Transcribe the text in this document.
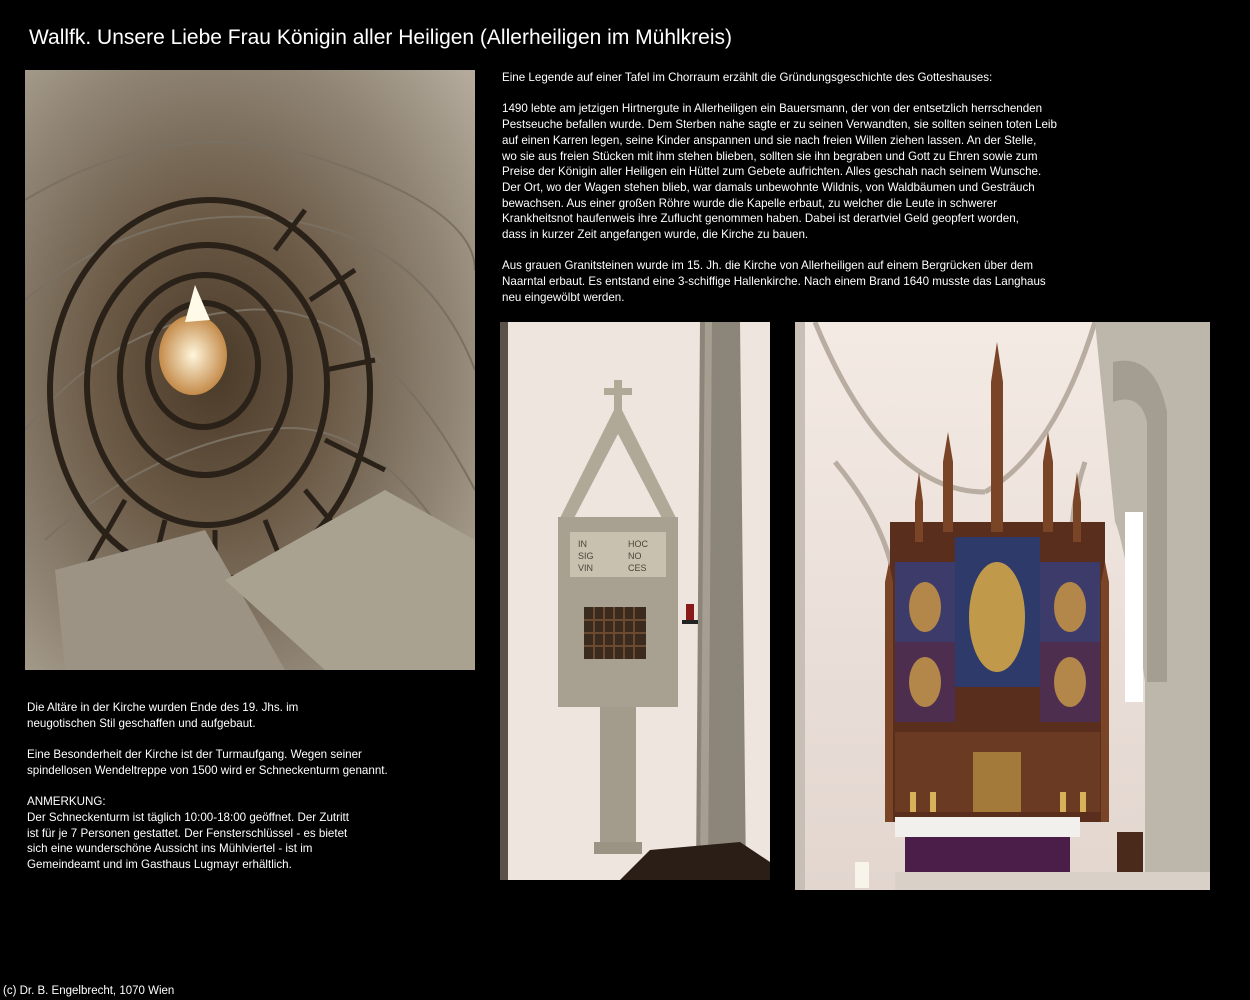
Wallfk. Unsere Liebe Frau Königin aller Heiligen (Allerheiligen im Mühlkreis)
IN
SIG
VIN
HOC
NO
CES

Eine Legende auf einer Tafel im Chorraum erzählt die Gründungsgeschichte des Gotteshauses:

1490 lebte am jetzigen Hirtnergute in Allerheiligen ein Bauersmann, der von der entsetzlich herrschenden
Pestseuche befallen wurde. Dem Sterben nahe sagte er zu seinen Verwandten, sie sollten seinen toten Leib
auf einen Karren legen, seine Kinder anspannen und sie nach freien Willen ziehen lassen. An der Stelle,
wo sie aus freien Stücken mit ihm stehen blieben, sollten sie ihn begraben und Gott zu Ehren sowie zum
Preise der Königin aller Heiligen ein Hüttel zum Gebete aufrichten. Alles geschah nach seinem Wunsche.
Der Ort, wo der Wagen stehen blieb, war damals unbewohnte Wildnis, von Waldbäumen und Gesträuch
bewachsen. Aus einer großen Röhre wurde die Kapelle erbaut, zu welcher die Leute in schwerer
Krankheitsnot haufenweis ihre Zuflucht genommen haben. Dabei ist derartviel Geld geopfert worden,
dass in kurzer Zeit angefangen wurde, die Kirche zu bauen.

Aus grauen Granitsteinen wurde im 15. Jh. die Kirche von Allerheiligen auf einem Bergrücken über dem
Naarntal erbaut. Es entstand eine 3-schiffige Hallenkirche. Nach einem Brand 1640 musste das Langhaus
neu eingewölbt werden.

Die Altäre in der Kirche wurden Ende des 19. Jhs. im
neugotischen Stil geschaffen und aufgebaut.

Eine Besonderheit der Kirche ist der Turmaufgang. Wegen seiner
spindellosen Wendeltreppe von 1500 wird er Schneckenturm genannt.

ANMERKUNG:

Der Schneckenturm ist täglich 10:00-18:00 geöffnet. Der Zutritt
ist für je 7 Personen gestattet. Der Fensterschlüssel - es bietet
sich eine wunderschöne Aussicht ins Mühlviertel - ist im
Gemeindeamt und im Gasthaus Lugmayr erhältlich.

(c) Dr. B. Engelbrecht, 1070 Wien
